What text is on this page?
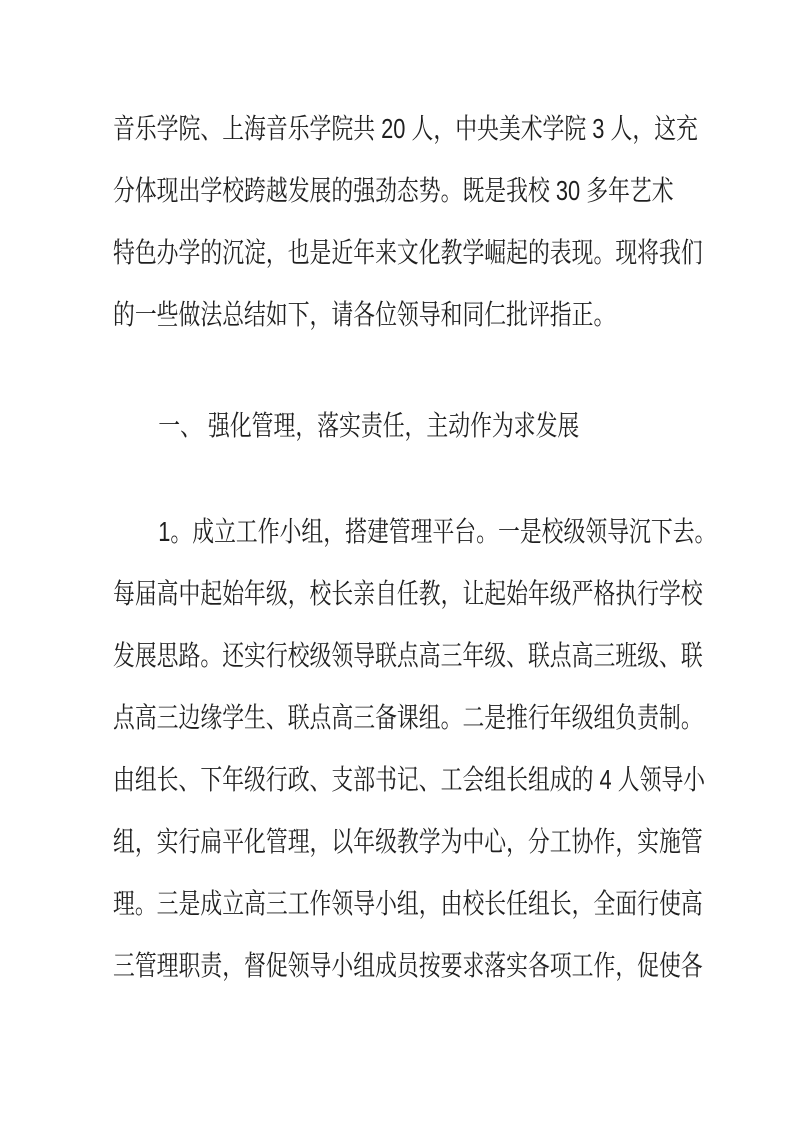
音乐学院、上海音乐学院共 20 人，中央美术学院 3 人，这充
分体现出学校跨越发展的强劲态势。既是我校 30 多年艺术
特色办学的沉淀，也是近年来文化教学崛起的表现。现将我们
的一些做法总结如下，请各位领导和同仁批评指正。
一、 强化管理，落实责任，主动作为求发展
1。成立工作小组，搭建管理平台。一是校级领导沉下去。
每届高中起始年级，校长亲自任教，让起始年级严格执行学校
发展思路。还实行校级领导联点高三年级、联点高三班级、联
点高三边缘学生、联点高三备课组。二是推行年级组负责制。
由组长、下年级行政、支部书记、工会组长组成的 4 人领导小
组，实行扁平化管理，以年级教学为中心，分工协作，实施管
理。三是成立高三工作领导小组，由校长任组长，全面行使高
三管理职责，督促领导小组成员按要求落实各项工作，促使各
